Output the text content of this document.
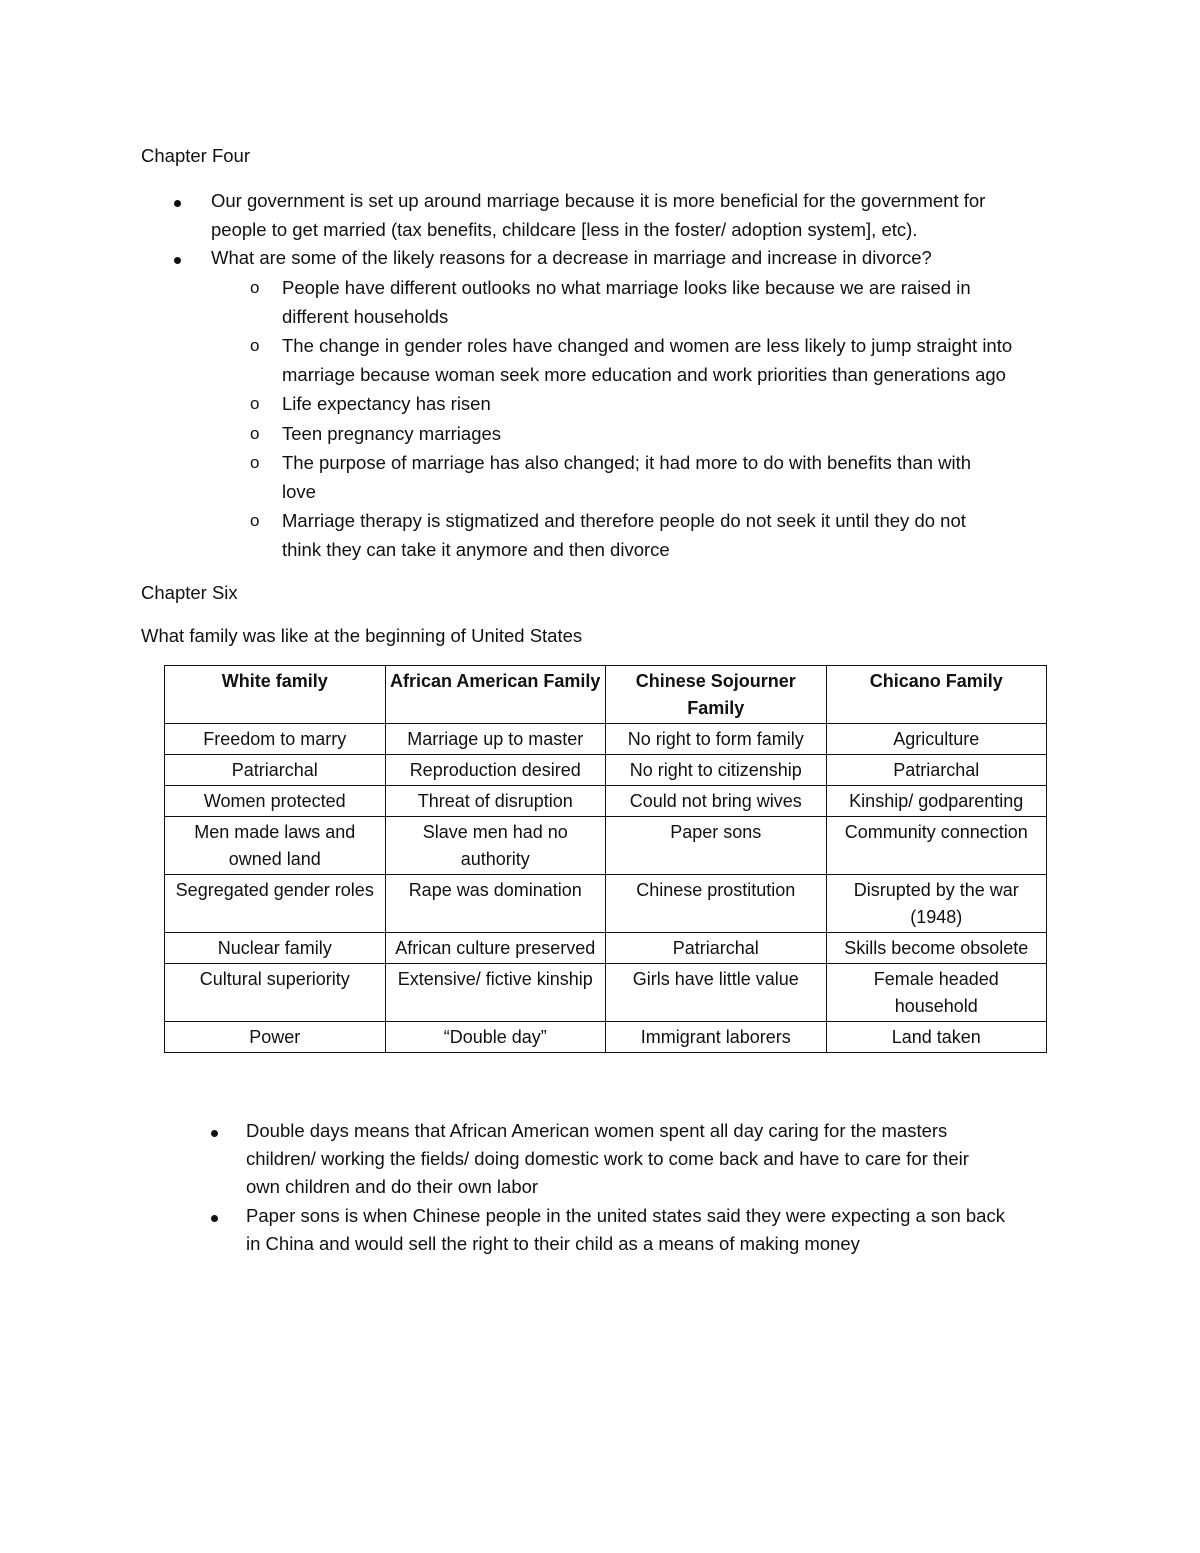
Chapter Four
Our government is set up around marriage because it is more beneficial for the government for
people to get married (tax benefits, childcare [less in the foster/ adoption system], etc).
What are some of the likely reasons for a decrease in marriage and increase in divorce?
o	People have different outlooks no what marriage looks like because we are raised in
different households
o	The change in gender roles have changed and women are less likely to jump straight into
marriage because woman seek more education and work priorities than generations ago
o	Life expectancy has risen
o	Teen pregnancy marriages
o	The purpose of marriage has also changed; it had more to do with benefits than with
love
o	Marriage therapy is stigmatized and therefore people do not seek it until they do not
think they can take it anymore and then divorce
Chapter Six
What family was like at the beginning of United States
White family	African American Family	Chinese Sojourner Family	Chicano Family
Freedom to marry	Marriage up to master	No right to form family	Agriculture
Patriarchal	Reproduction desired	No right to citizenship	Patriarchal
Women protected	Threat of disruption	Could not bring wives	Kinship/ godparenting
Men made laws and owned land	Slave men had no authority	Paper sons	Community connection
Segregated gender roles	Rape was domination	Chinese prostitution	Disrupted by the war (1948)
Nuclear family	African culture preserved	Patriarchal	Skills become obsolete
Cultural superiority	Extensive/ fictive kinship	Girls have little value	Female headed household
Power	“Double day”	Immigrant laborers	Land taken
Double days means that African American women spent all day caring for the masters
children/ working the fields/ doing domestic work to come back and have to care for their
own children and do their own labor
Paper sons is when Chinese people in the united states said they were expecting a son back
in China and would sell the right to their child as a means of making money
